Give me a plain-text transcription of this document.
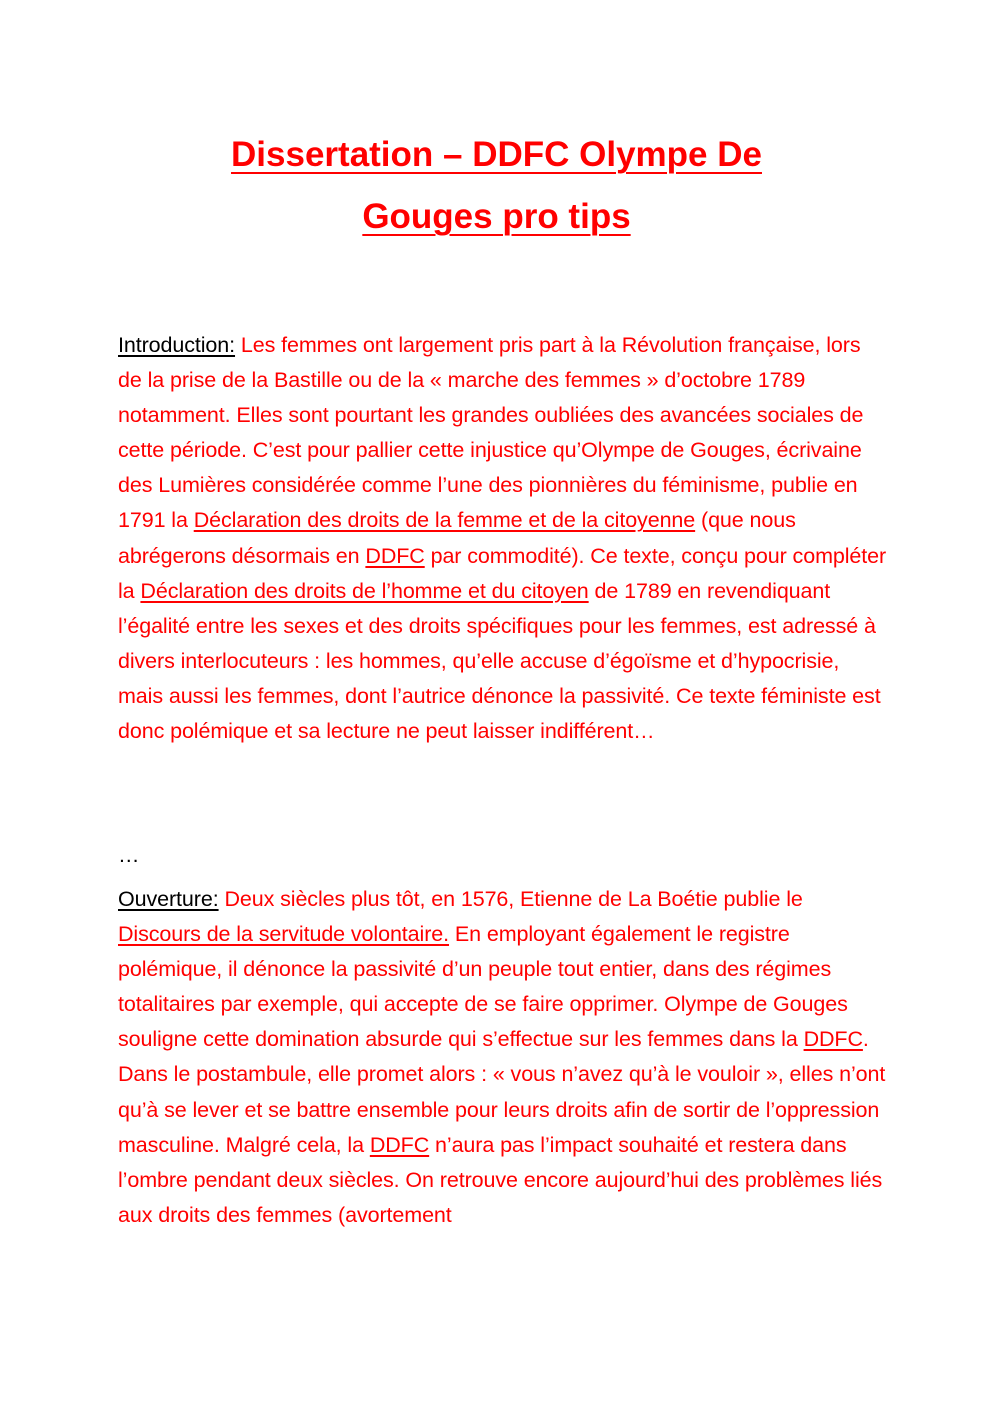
Dissertation – DDFC Olympe De
Gouges pro tips

Introduction: Les femmes ont largement pris part à la Révolution française, lors de la prise de la Bastille ou de la « marche des femmes » d’octobre 1789 notamment. Elles sont pourtant les grandes oubliées des avancées sociales de cette période. C’est pour pallier cette injustice qu’Olympe de Gouges, écrivaine des Lumières considérée comme l’une des pionnières du féminisme, publie en 1791 la Déclaration des droits de la femme et de la citoyenne (que nous abrégerons désormais en DDFC par commodité). Ce texte, conçu pour compléter la Déclaration des droits de l’homme et du citoyen de 1789 en revendiquant l’égalité entre les sexes et des droits spécifiques pour les femmes, est adressé à divers interlocuteurs : les hommes, qu’elle accuse d’égoïsme et d’hypocrisie, mais aussi les femmes, dont l’autrice dénonce la passivité. Ce texte féministe est donc polémique et sa lecture ne peut laisser indifférent…

…

Ouverture: Deux siècles plus tôt, en 1576, Etienne de La Boétie publie le Discours de la servitude volontaire. En employant également le registre polémique, il dénonce la passivité d’un peuple tout entier, dans des régimes totalitaires par exemple, qui accepte de se faire opprimer. Olympe de Gouges souligne cette domination absurde qui s’effectue sur les femmes dans la DDFC. Dans le postambule, elle promet alors : « vous n’avez qu’à le vouloir », elles n’ont qu’à se lever et se battre ensemble pour leurs droits afin de sortir de l’oppression masculine. Malgré cela, la DDFC n’aura pas l’impact souhaité et restera dans l’ombre pendant deux siècles. On retrouve encore aujourd’hui des problèmes liés aux droits des femmes (avortement
